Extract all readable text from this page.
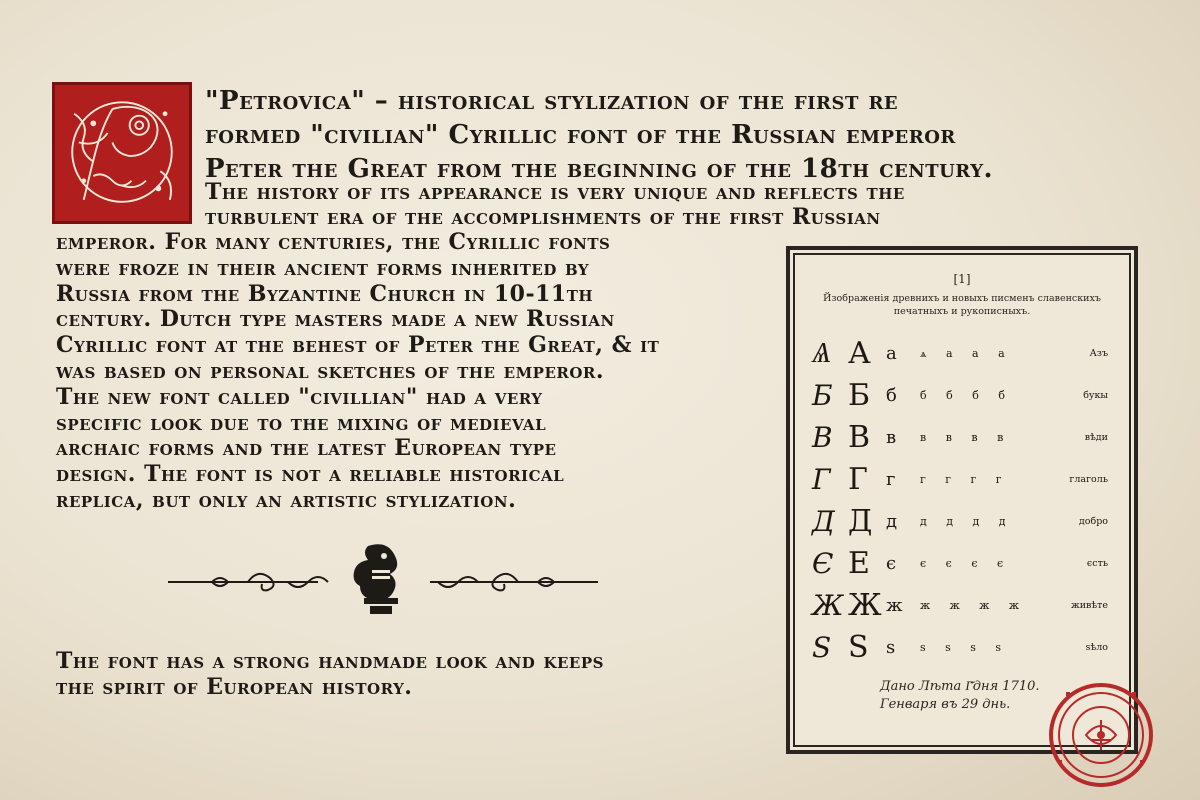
"Petrovica" – historical stylization of the first re
formed "civilian" Cyrillic font of the Russian emperor
Peter the Great from the beginning of the 18th century.
The history of its appearance is very unique and reflects the
turbulent era of the accomplishments of the first Russian
emperor. For many centuries, the Cyrillic fonts
were froze in their ancient forms inherited by
Russia from the Byzantine Church in 10-11th
century. Dutch type masters made a new Russian
Cyrillic font at the behest of Peter the Great, & it
was based on personal sketches of the emperor.
The new font called "civillian" had a very
specific look due to the mixing of medieval
archaic forms and the latest European type
design. The font is not a reliable historical
replica, but only an artistic stylization.
The font has a strong handmade look and keeps
the spirit of European history.
[1]
Йзображенія древнихъ и новыхъ писменъ славенскихъ
печатныхъ и рукописныхъ.
Ѧ А а	ѧ a a a	Азъ
Б Б б	б б б б	букы
В В в	в в в в	вѣди
Г Г	г	г г г г	глаголь
Д Д д	д д д д	добро
Є Е є	є є є є	єсть
Ж Ж ж	ж ж ж ж	живѣте
Ѕ S s	ѕ s s s	sѣло
Дано Лѣта Г҃дня 1710.
Генваря въ 29 днь.
